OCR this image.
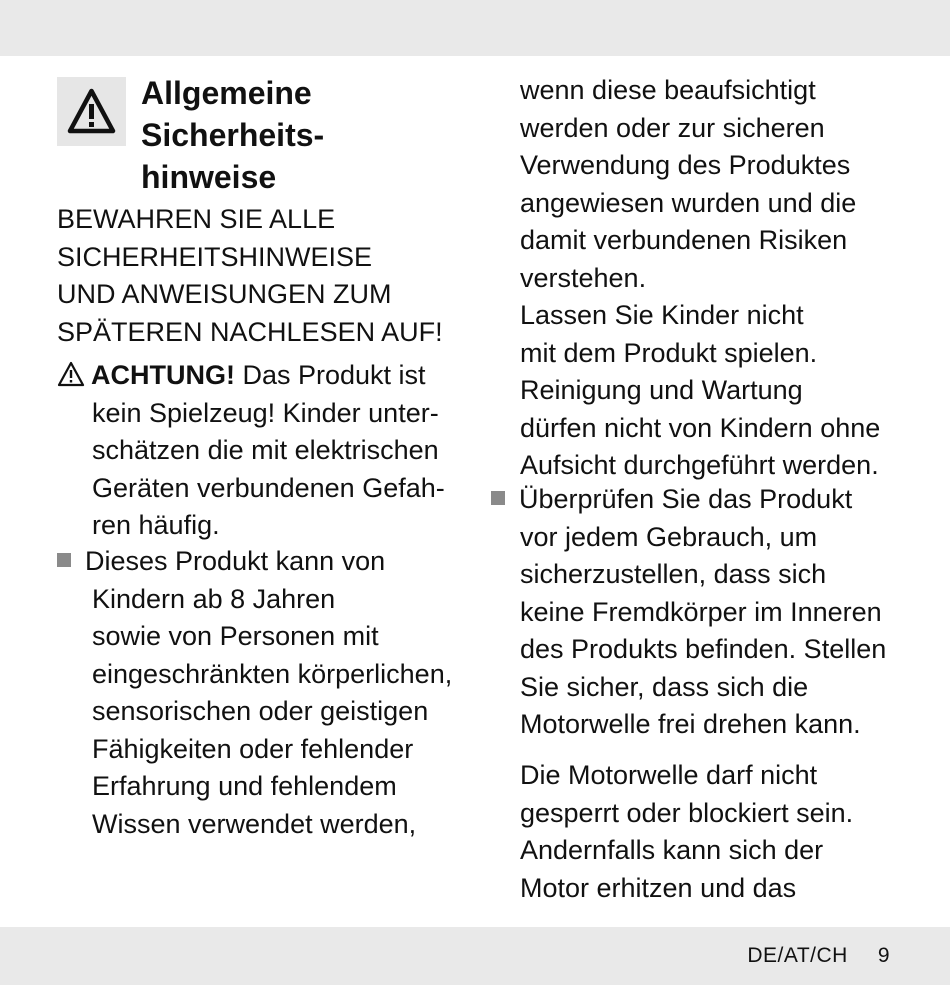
Allgemeine
Sicherheits-
hinweise
BEWAHREN SIE ALLE
SICHERHEITSHINWEISE
UND ANWEISUNGEN ZUM
SPÄTEREN NACHLESEN AUF!
ACHTUNG! Das Produkt ist
kein Spielzeug! Kinder unter-
schätzen die mit elektrischen
Geräten verbundenen Gefah-
ren häufig.
Dieses Produkt kann von
Kindern ab 8 Jahren
sowie von Personen mit
eingeschränkten körperlichen,
sensorischen oder geistigen
Fähigkeiten oder fehlender
Erfahrung und fehlendem
Wissen verwendet werden,
wenn diese beaufsichtigt
werden oder zur sicheren
Verwendung des Produktes
angewiesen wurden und die
damit verbundenen Risiken
verstehen.
Lassen Sie Kinder nicht
mit dem Produkt spielen.
Reinigung und Wartung
dürfen nicht von Kindern ohne
Aufsicht durchgeführt werden.
Überprüfen Sie das Produkt
vor jedem Gebrauch, um
sicherzustellen, dass sich
keine Fremdkörper im Inneren
des Produkts befinden. Stellen
Sie sicher, dass sich die
Motorwelle frei drehen kann.
Die Motorwelle darf nicht
gesperrt oder blockiert sein.
Andernfalls kann sich der
Motor erhitzen und das
DE/AT/CH 9
